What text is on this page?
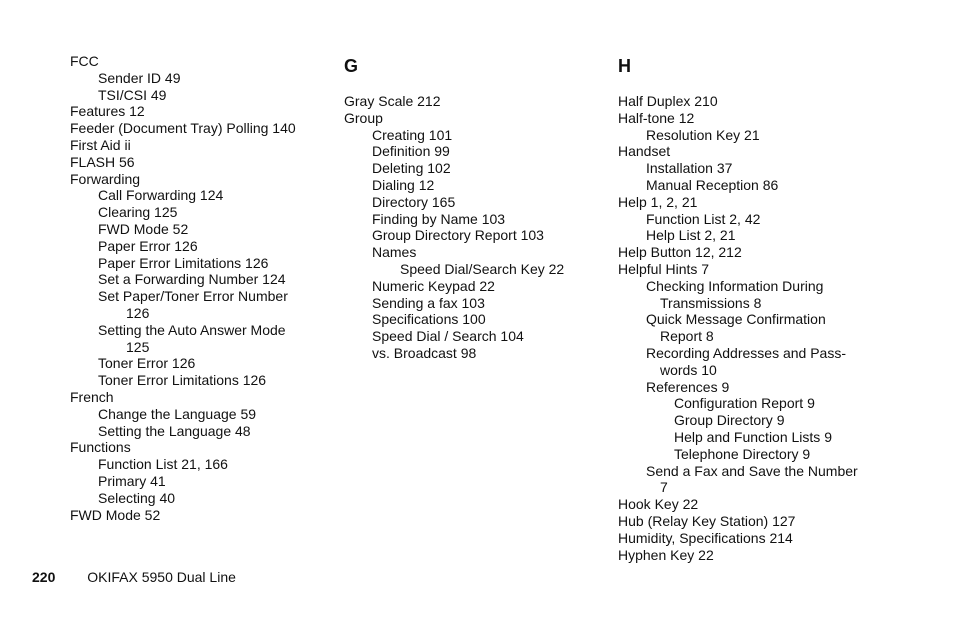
FCC
Sender ID 49
TSI/CSI 49
Features 12
Feeder (Document Tray) Polling 140
First Aid ii
FLASH 56
Forwarding
Call Forwarding 124
Clearing 125
FWD Mode 52
Paper Error 126
Paper Error Limitations 126
Set a Forwarding Number 124
Set Paper/Toner Error Number
126
Setting the Auto Answer Mode
125
Toner Error 126
Toner Error Limitations 126
French
Change the Language 59
Setting the Language 48
Functions
Function List 21, 166
Primary 41
Selecting 40
FWD Mode 52
G
Gray Scale 212
Group
Creating 101
Definition 99
Deleting 102
Dialing 12
Directory 165
Finding by Name 103
Group Directory Report 103
Names
Speed Dial/Search Key 22
Numeric Keypad 22
Sending a fax 103
Specifications 100
Speed Dial / Search 104
vs. Broadcast 98
H
Half Duplex 210
Half-tone 12
Resolution Key 21
Handset
Installation 37
Manual Reception 86
Help 1, 2, 21
Function List 2, 42
Help List 2, 21
Help Button 12, 212
Helpful Hints 7
Checking Information During
Transmissions 8
Quick Message Confirmation
Report 8
Recording Addresses and Pass-
words 10
References 9
Configuration Report 9
Group Directory 9
Help and Function Lists 9
Telephone Directory 9
Send a Fax and Save the Number
7
Hook Key 22
Hub (Relay Key Station) 127
Humidity, Specifications 214
Hyphen Key 22
220 OKIFAX 5950 Dual Line
